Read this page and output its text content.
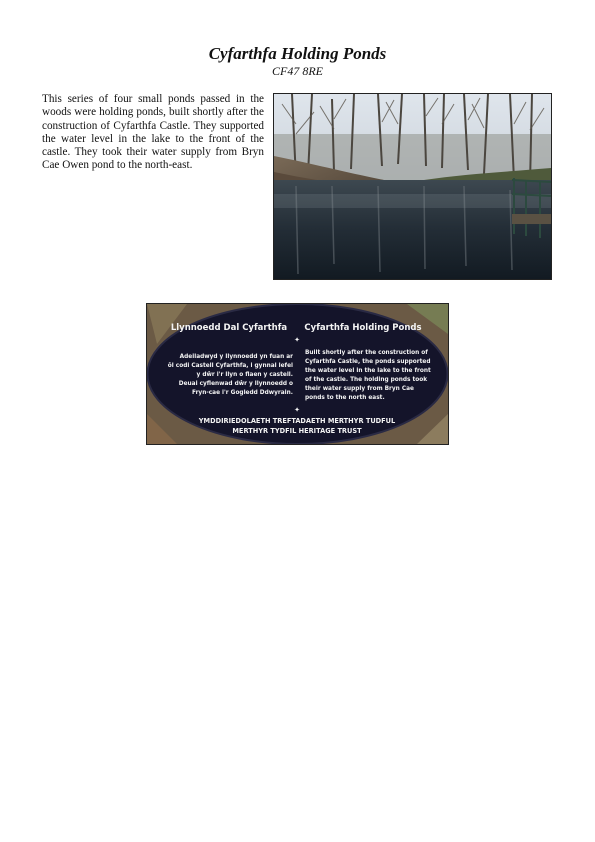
Cyfarthfa Holding Ponds
CF47 8RE

This series of four small ponds passed in the woods were holding ponds, built shortly after the construction of Cyfarthfa Castle. They supported the water level in the lake to the front of the castle. They took their water supply from Bryn Cae Owen pond to the north-east.

Llynnoedd Dal Cyfarthfa Cyfarthfa Holding Ponds
✦
Adeiladwyd y llynnoedd yn fuan ar
ôl codi Castell Cyfarthfa, i gynnal lefel
y dŵr i'r llyn o flaen y castell.
Deuai cyflenwad dŵr y llynnoedd o
Fryn-cae i'r Gogledd Ddwyrain.
Built shortly after the construction of
Cyfarthfa Castle, the ponds supported
the water level in the lake to the front
of the castle. The holding ponds took
their water supply from Bryn Cae
ponds to the north east.
✦
YMDDIRIEDOLAETH TREFTADAETH MERTHYR TUDFUL
MERTHYR TYDFIL HERITAGE TRUST
